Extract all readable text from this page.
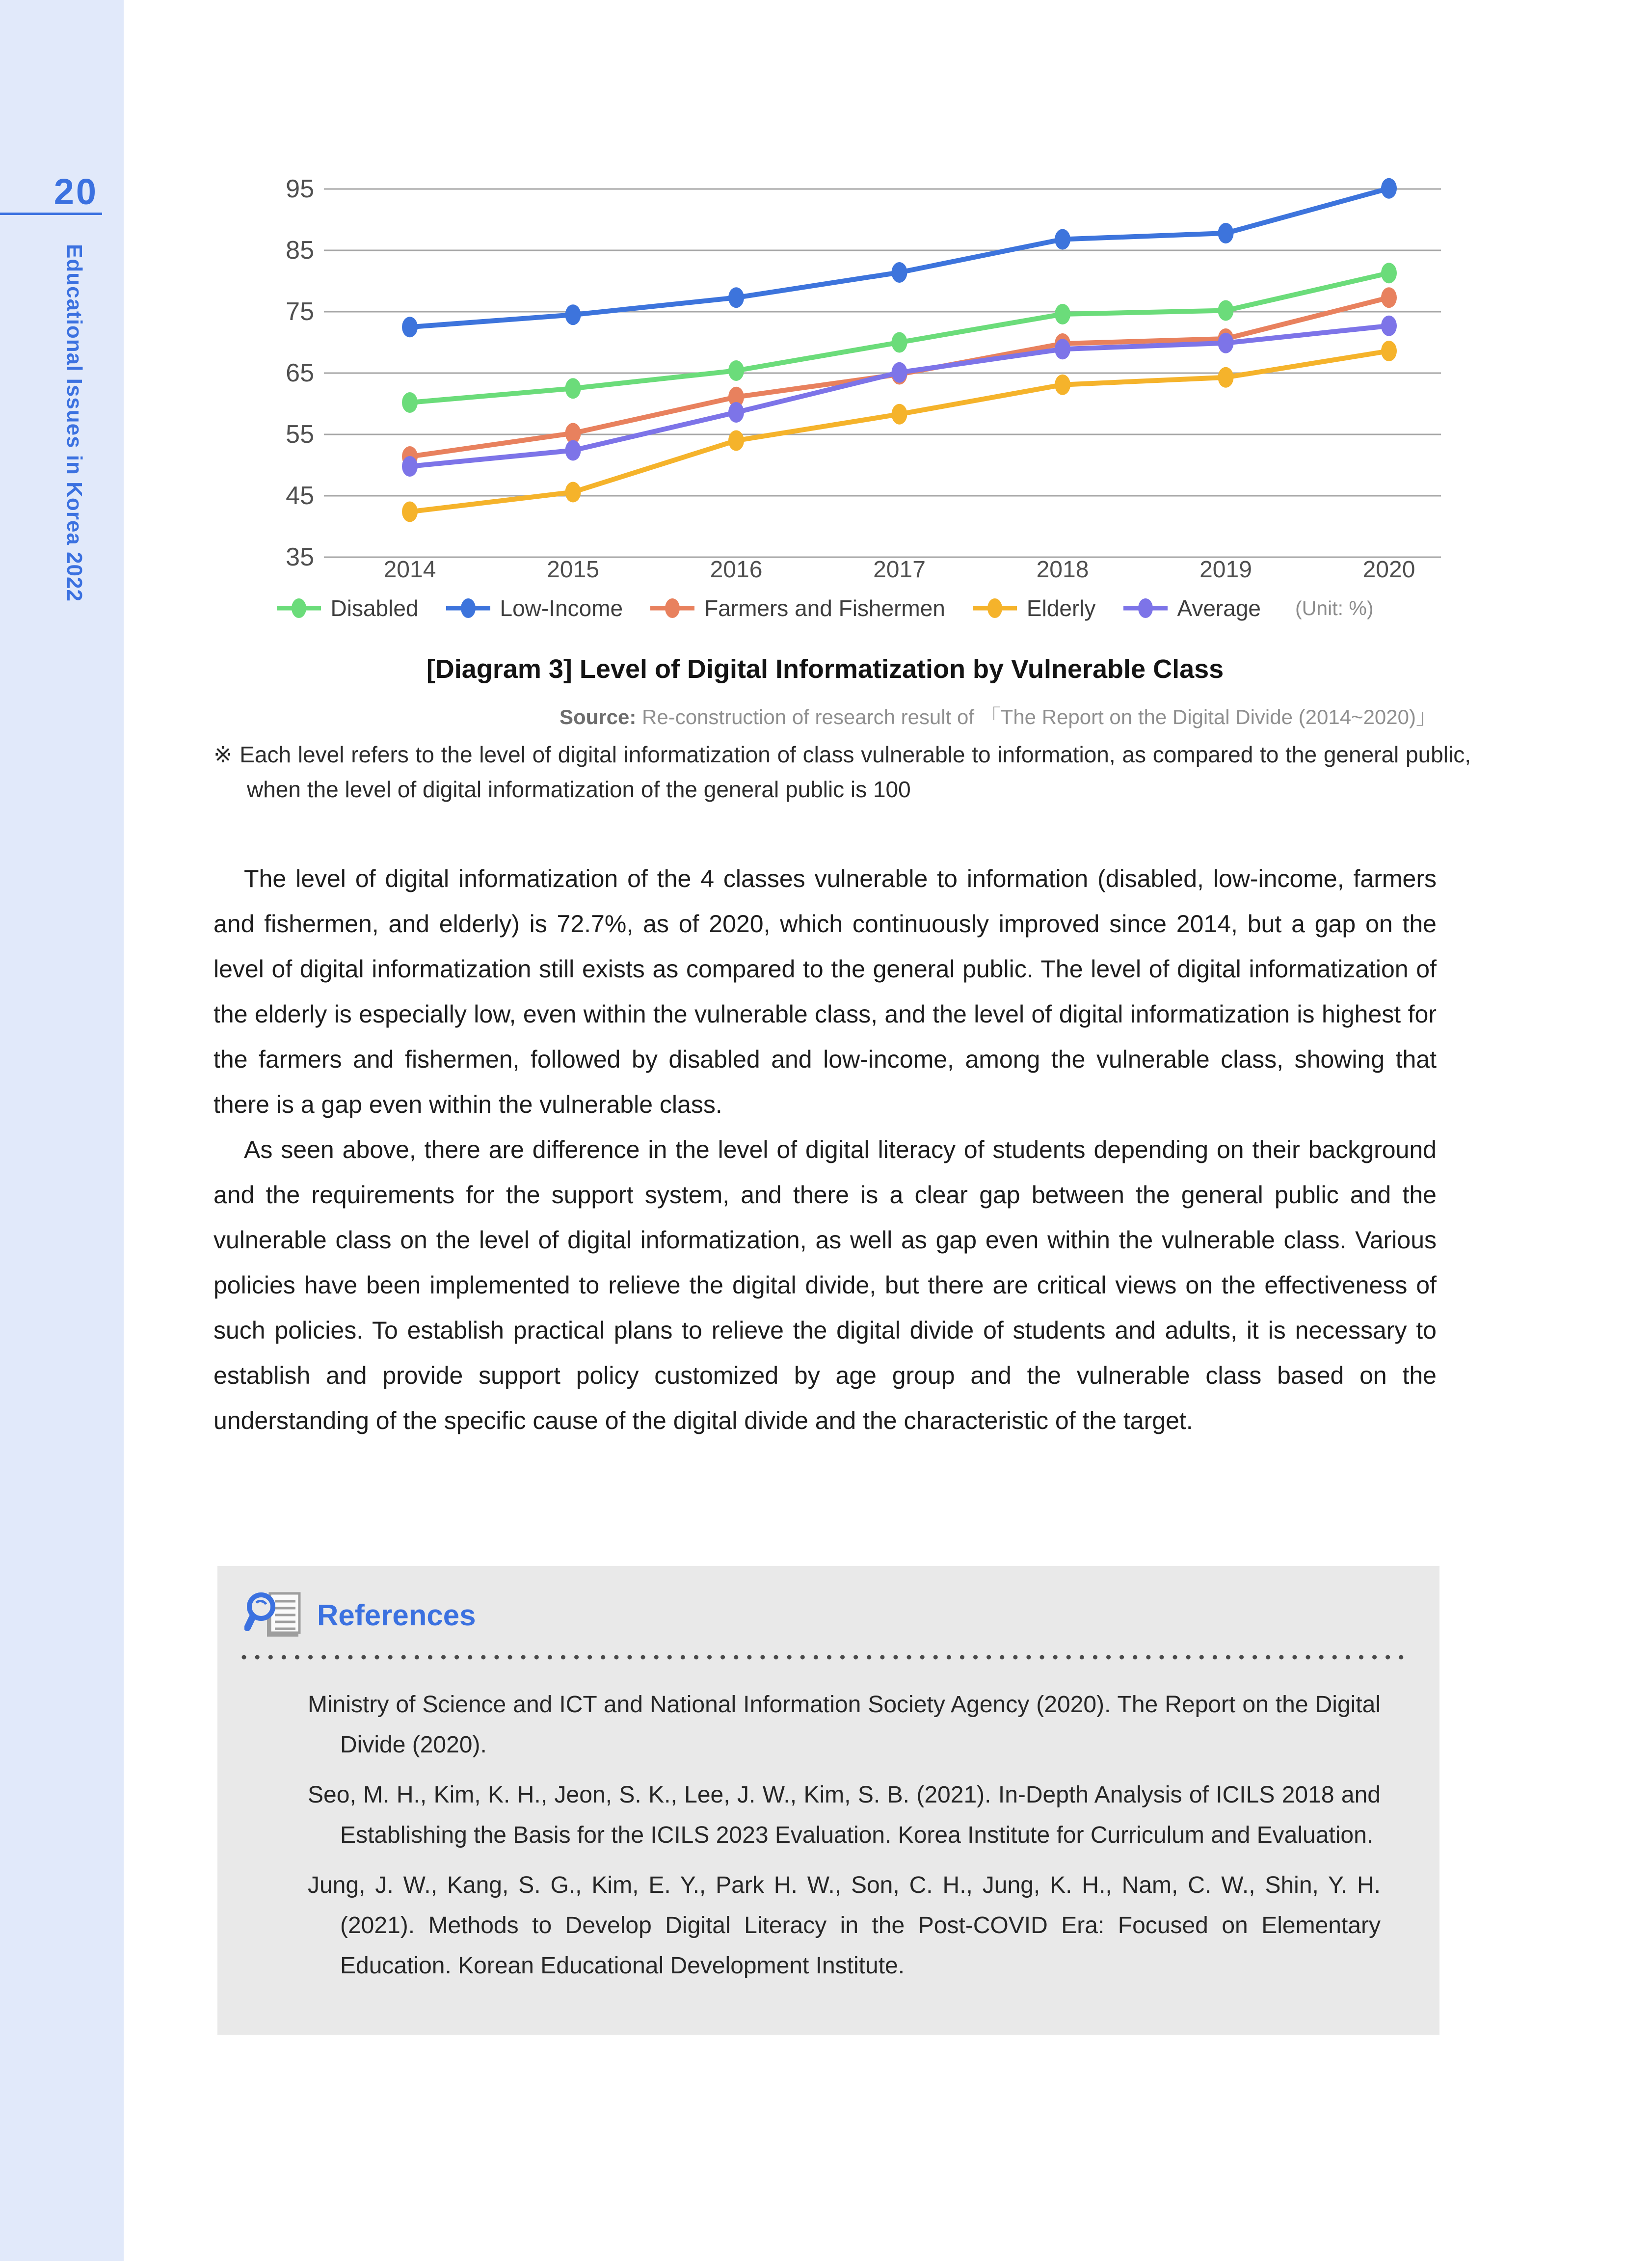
20
Educational Issues in Korea 2022
95
85
75
65
55
45
35	2014	2015	2016	2017	2018	2019	2020
Disabled	Low-Income	Farmers and Fishermen	Elderly	Average (Unit: %)
[Diagram 3] Level of Digital Informatization by Vulnerable Class
Source: Re-construction of research result of 「The Report on the Digital Divide (2014~2020)」
※ Each level refers to the level of digital informatization of class vulnerable to information, as compared to the general public, when the level of digital informatization of the general public is 100
The level of digital informatization of the 4 classes vulnerable to information (disabled, low-income, farmers and fishermen, and elderly) is 72.7%, as of 2020, which continuously improved since 2014, but a gap on the level of digital informatization still exists as compared to the general public. The level of digital informatization of the elderly is especially low, even within the vulnerable class, and the level of digital informatization is highest for the farmers and fishermen, followed by disabled and low-income, among the vulnerable class, showing that there is a gap even within the vulnerable class.
As seen above, there are difference in the level of digital literacy of students depending on their background and the requirements for the support system, and there is a clear gap between the general public and the vulnerable class on the level of digital informatization, as well as gap even within the vulnerable class. Various policies have been implemented to relieve the digital divide, but there are critical views on the effectiveness of such policies. To establish practical plans to relieve the digital divide of students and adults, it is necessary to establish and provide support policy customized by age group and the vulnerable class based on the understanding of the specific cause of the digital divide and the characteristic of the target.
References
Ministry of Science and ICT and National Information Society Agency (2020). The Report on the Digital Divide (2020).
Seo, M. H., Kim, K. H., Jeon, S. K., Lee, J. W., Kim, S. B. (2021). In-Depth Analysis of ICILS 2018 and Establishing the Basis for the ICILS 2023 Evaluation. Korea Institute for Curriculum and Evaluation.
Jung, J. W., Kang, S. G., Kim, E. Y., Park H. W., Son, C. H., Jung, K. H., Nam, C. W., Shin, Y. H. (2021). Methods to Develop Digital Literacy in the Post-COVID Era: Focused on Elementary Education. Korean Educational Development Institute.
